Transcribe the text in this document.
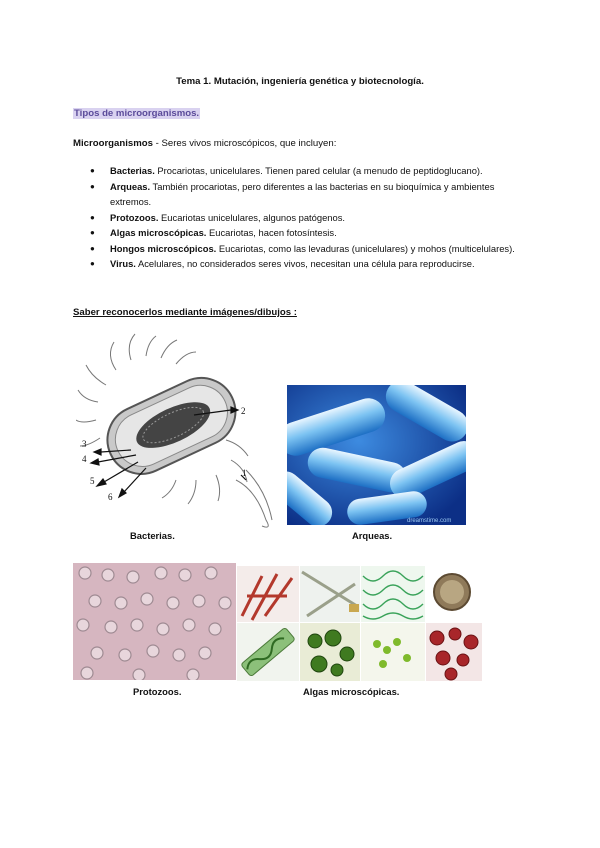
Tema 1. Mutación, ingeniería genética y biotecnología.
Tipos de microorganismos.
Microorganismos - Seres vivos microscópicos, que incluyen:
● Bacterias. Procariotas, unicelulares. Tienen pared celular (a menudo de peptidoglucano).
● Arqueas. También procariotas, pero diferentes a las bacterias en su bioquímica y ambientes extremos.
● Protozoos. Eucariotas unicelulares, algunos patógenos.
● Algas microscópicas. Eucariotas, hacen fotosíntesis.
● Hongos microscópicos. Eucariotas, como las levaduras (unicelulares) y mohos (multicelulares).
● Virus. Acelulares, no considerados seres vivos, necesitan una célula para reproducirse.
Saber reconocerlos mediante imágenes/dibujos :
1
2
3
4
5
6
dreamstime.com
Bacterias.	Arqueas.
Protozoos.	Algas microscópicas.
